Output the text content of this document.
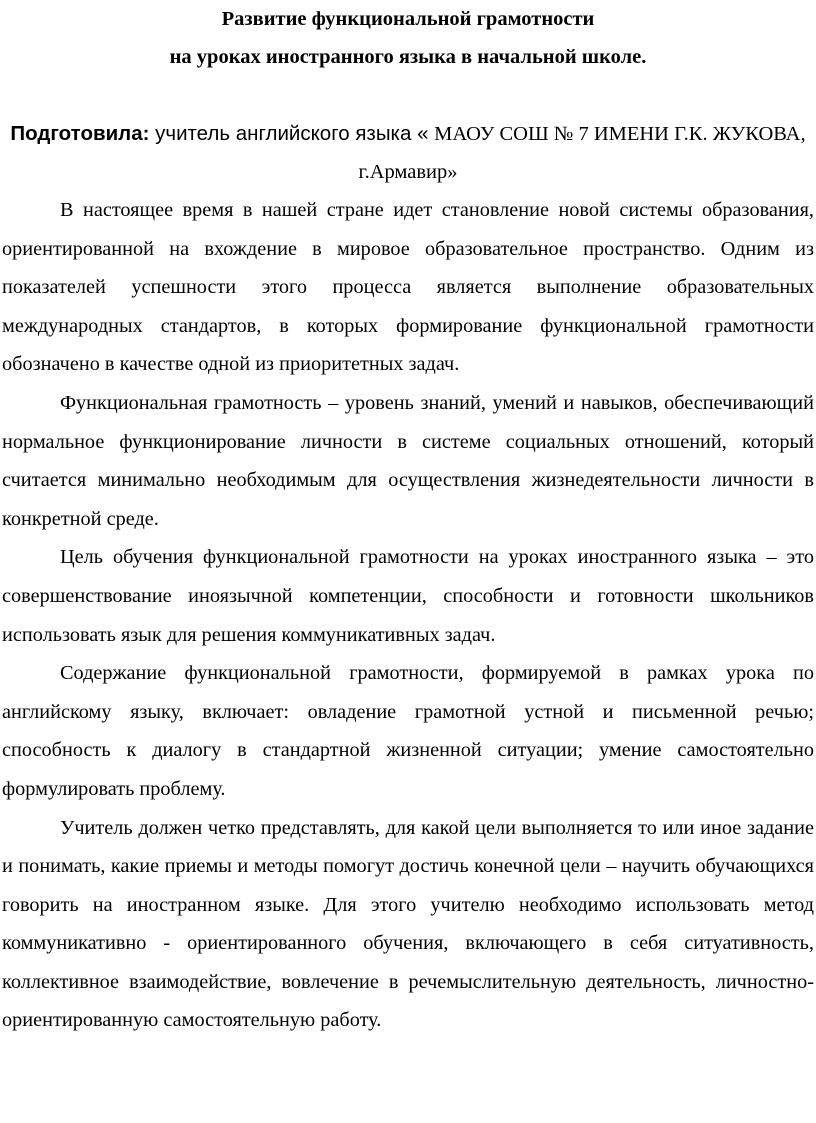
Развитие функциональной грамотности
на уроках иностранного языка в начальной школе.

Подготовила: учитель английского языка « МАОУ СОШ № 7 ИМЕНИ Г.К. ЖУКОВА, г.Армавир»

В настоящее время в нашей стране идет становление новой системы образования, ориентированной на вхождение в мировое образовательное пространство. Одним из показателей успешности этого процесса является выполнение образовательных международных стандартов, в которых формирование функциональной грамотности обозначено в качестве одной из приоритетных задач.

Функциональная грамотность – уровень знаний, умений и навыков, обеспечивающий нормальное функционирование личности в системе социальных отношений, который считается минимально необходимым для осуществления жизнедеятельности личности в конкретной среде.

Цель обучения функциональной грамотности на уроках иностранного языка – это совершенствование иноязычной компетенции, способности и готовности школьников использовать язык для решения коммуникативных задач.

Содержание функциональной грамотности, формируемой в рамках урока по английскому языку, включает: овладение грамотной устной и письменной речью; способность к диалогу в стандартной жизненной ситуации; умение самостоятельно формулировать проблему.

Учитель должен четко представлять, для какой цели выполняется то или иное задание и понимать, какие приемы и методы помогут достичь конечной цели – научить обучающихся говорить на иностранном языке. Для этого учителю необходимо использовать метод коммуникативно - ориентированного обучения, включающего в себя ситуативность, коллективное взаимодействие, вовлечение в речемыслительную деятельность, личностно-ориентированную самостоятельную работу.
